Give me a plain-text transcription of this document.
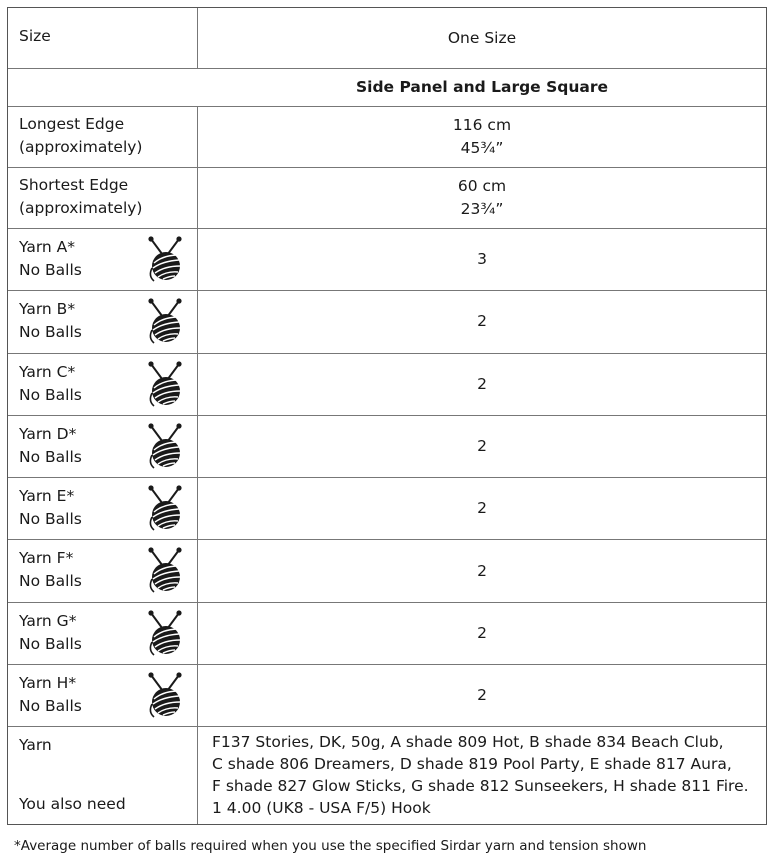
Size	One Size
Side Panel and Large Square
Longest Edge
(approximately)
116 cm
45¾”
Shortest Edge
(approximately)
60 cm
23¾”
Yarn A*
No Balls
3
Yarn B*
No Balls
2
Yarn C*
No Balls
2
Yarn D*
No Balls
2
Yarn E*
No Balls
2
Yarn F*
No Balls
2
Yarn G*
No Balls
2
Yarn H*
No Balls
2
Yarn
You also need
F137 Stories, DK, 50g, A shade 809 Hot, B shade 834 Beach Club,
C shade 806 Dreamers, D shade 819 Pool Party, E shade 817 Aura,
F shade 827 Glow Sticks, G shade 812 Sunseekers, H shade 811 Fire.
1 4.00 (UK8 - USA F/5) Hook
*Average number of balls required when you use the specified Sirdar yarn and tension shown
